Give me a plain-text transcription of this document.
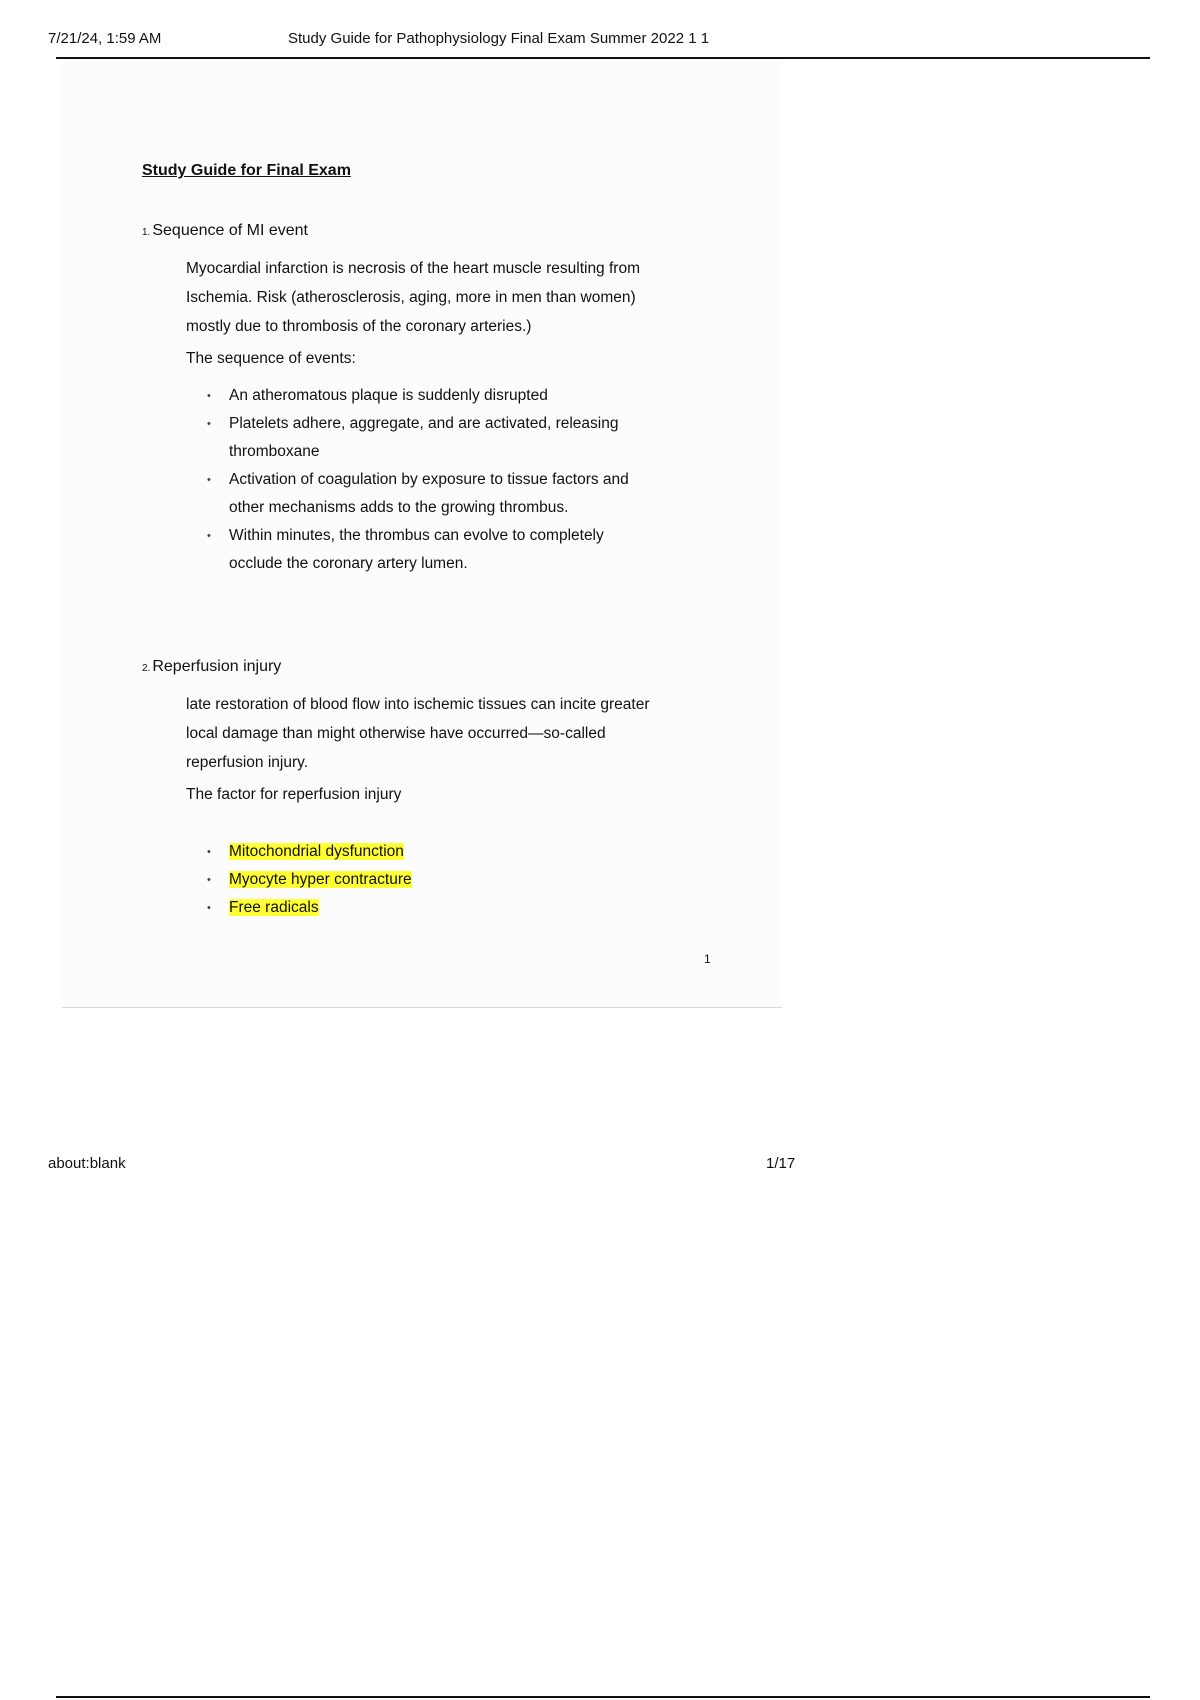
7/21/24, 1:59 AM	Study Guide for Pathophysiology Final Exam Summer 2022 1 1
Study Guide for Final Exam
1. Sequence of MI event

Myocardial infarction is necrosis of the heart muscle resulting from
Ischemia. Risk (atherosclerosis, aging, more in men than women)
mostly due to thrombosis of the coronary arteries.)

The sequence of events:

• An atheromatous plaque is suddenly disrupted
• Platelets adhere, aggregate, and are activated, releasing
thromboxane
• Activation of coagulation by exposure to tissue factors and
other mechanisms adds to the growing thrombus.
• Within minutes, the thrombus can evolve to completely
occlude the coronary artery lumen.
2. Reperfusion injury

late restoration of blood flow into ischemic tissues can incite greater
local damage than might otherwise have occurred—so-called
reperfusion injury.

The factor for reperfusion injury

• Mitochondrial dysfunction
• Myocyte hyper contracture
• Free radicals
1
about:blank	1/17
